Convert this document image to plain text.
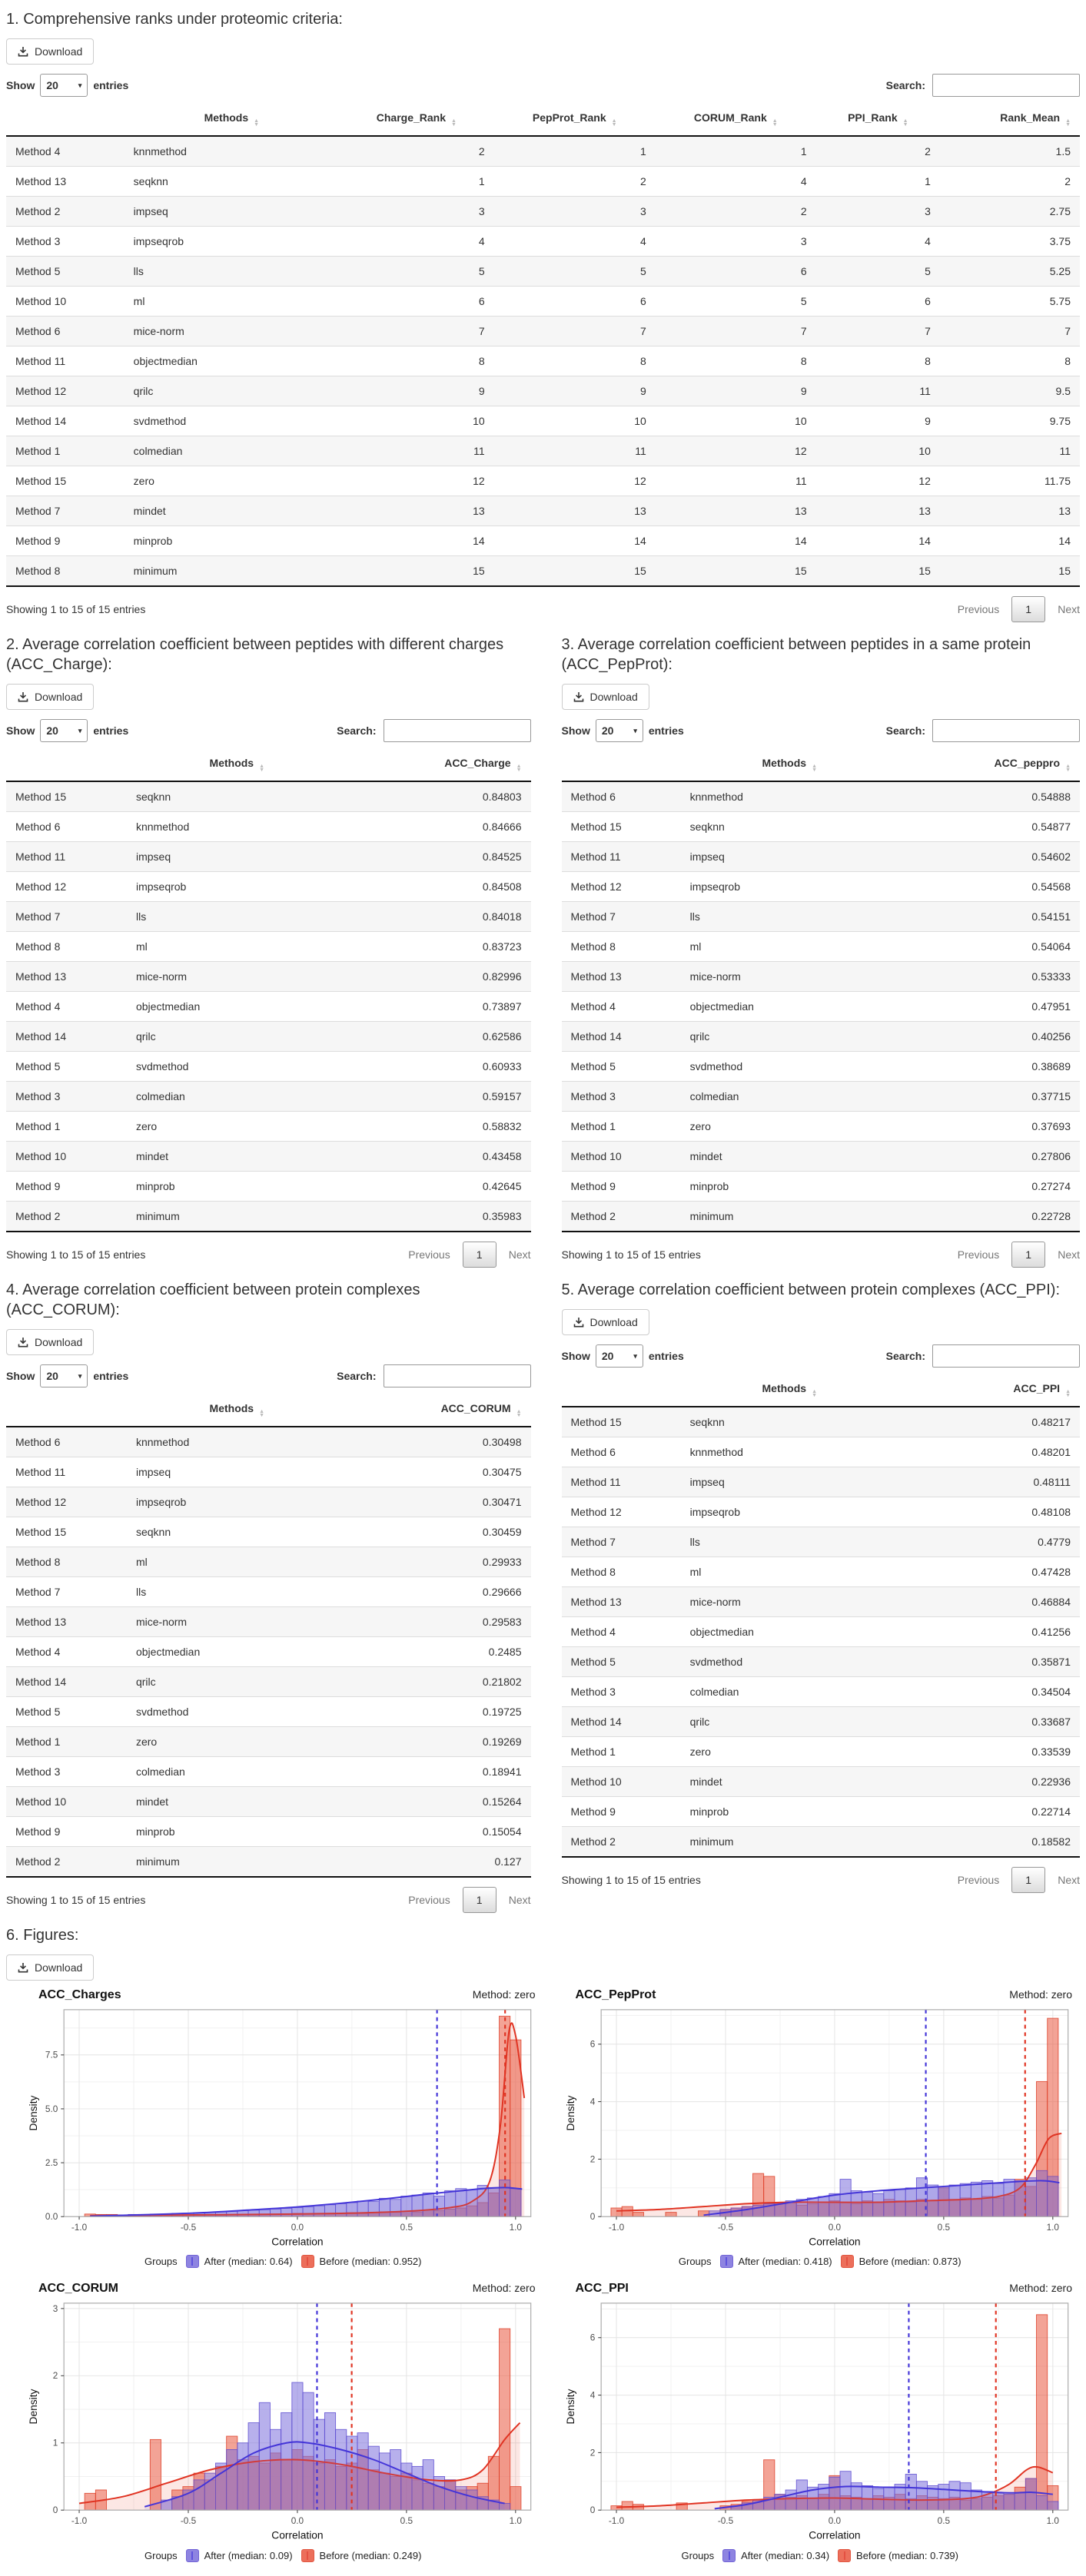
1. Comprehensive ranks under proteomic criteria:
Download
Show 20	▾ entries	Search:
	Methods ▲
▼	Charge_Rank ▲
▼	PepProt_Rank ▲
▼	CORUM_Rank ▲
▼	PPI_Rank ▲
▼	Rank_Mean ▲
▼

Method 4	knnmethod	2	1	1	2	1.5
Method 13	seqknn	1	2	4	1	2
Method 2	impseq	3	3	2	3	2.75
Method 3	impseqrob	4	4	3	4	3.75
Method 5	lls	5	5	6	5	5.25
Method 10	ml	6	6	5	6	5.75
Method 6	mice-norm	7	7	7	7	7
Method 11	objectmedian	8	8	8	8	8
Method 12	qrilc	9	9	9	11	9.5
Method 14	svdmethod	10	10	10	9	9.75
Method 1	colmedian	11	11	12	10	11
Method 15	zero	12	12	11	12	11.75
Method 7	mindet	13	13	13	13	13
Method 9	minprob	14	14	14	14	14
Method 8	minimum	15	15	15	15	15
Showing 1 to 15 of 15 entries	Previous	1	Next
2. Average correlation coefficient between peptides with different charges (ACC_Charge):
Download
Show 20	▾ entries	Search:
	Methods ▲
▼	ACC_Charge ▲
▼

Method 15	seqknn	0.84803
Method 6	knnmethod	0.84666
Method 11	impseq	0.84525
Method 12	impseqrob	0.84508
Method 7	lls	0.84018
Method 8	ml	0.83723
Method 13	mice-norm	0.82996
Method 4	objectmedian	0.73897
Method 14	qrilc	0.62586
Method 5	svdmethod	0.60933
Method 3	colmedian	0.59157
Method 1	zero	0.58832
Method 10	mindet	0.43458
Method 9	minprob	0.42645
Method 2	minimum	0.35983
Showing 1 to 15 of 15 entries	Previous	1	Next
3. Average correlation coefficient between peptides in a same protein (ACC_PepProt):
Download
Show 20	▾ entries	Search:
	Methods ▲
▼	ACC_peppro ▲
▼

Method 6	knnmethod	0.54888
Method 15	seqknn	0.54877
Method 11	impseq	0.54602
Method 12	impseqrob	0.54568
Method 7	lls	0.54151
Method 8	ml	0.54064
Method 13	mice-norm	0.53333
Method 4	objectmedian	0.47951
Method 14	qrilc	0.40256
Method 5	svdmethod	0.38689
Method 3	colmedian	0.37715
Method 1	zero	0.37693
Method 10	mindet	0.27806
Method 9	minprob	0.27274
Method 2	minimum	0.22728
Showing 1 to 15 of 15 entries	Previous	1	Next
4. Average correlation coefficient between protein complexes (ACC_CORUM):
Download
Show 20	▾ entries	Search:
	Methods ▲
▼	ACC_CORUM ▲
▼

Method 6	knnmethod	0.30498
Method 11	impseq	0.30475
Method 12	impseqrob	0.30471
Method 15	seqknn	0.30459
Method 8	ml	0.29933
Method 7	lls	0.29666
Method 13	mice-norm	0.29583
Method 4	objectmedian	0.2485
Method 14	qrilc	0.21802
Method 5	svdmethod	0.19725
Method 1	zero	0.19269
Method 3	colmedian	0.18941
Method 10	mindet	0.15264
Method 9	minprob	0.15054
Method 2	minimum	0.127
Showing 1 to 15 of 15 entries	Previous	1	Next
5. Average correlation coefficient between protein complexes (ACC_PPI):
Download
Show 20	▾ entries	Search:
	Methods ▲
▼	ACC_PPI ▲
▼

Method 15	seqknn	0.48217
Method 6	knnmethod	0.48201
Method 11	impseq	0.48111
Method 12	impseqrob	0.48108
Method 7	lls	0.4779
Method 8	ml	0.47428
Method 13	mice-norm	0.46884
Method 4	objectmedian	0.41256
Method 5	svdmethod	0.35871
Method 3	colmedian	0.34504
Method 14	qrilc	0.33687
Method 1	zero	0.33539
Method 10	mindet	0.22936
Method 9	minprob	0.22714
Method 2	minimum	0.18582
Showing 1 to 15 of 15 entries	Previous	1	Next
6. Figures:
Download
ACC_Charges	Method: zero
-1.0	-0.5	0.0	0.5	1.0
0.0
2.5
5.0
7.5
Correlation
Density
Groups	After (median: 0.64)	Before (median: 0.952)
ACC_PepProt	Method: zero
-1.0	-0.5	0.0	0.5	1.0
0
2
4
6
Correlation
Density
Groups	After (median: 0.418)	Before (median: 0.873)
ACC_CORUM	Method: zero
-1.0	-0.5	0.0	0.5	1.0
0
1
2
3
Correlation
Density
Groups	After (median: 0.09)	Before (median: 0.249)
ACC_PPI	Method: zero
-1.0	-0.5	0.0	0.5	1.0
0
2
4
6
Correlation
Density
Groups	After (median: 0.34)	Before (median: 0.739)
